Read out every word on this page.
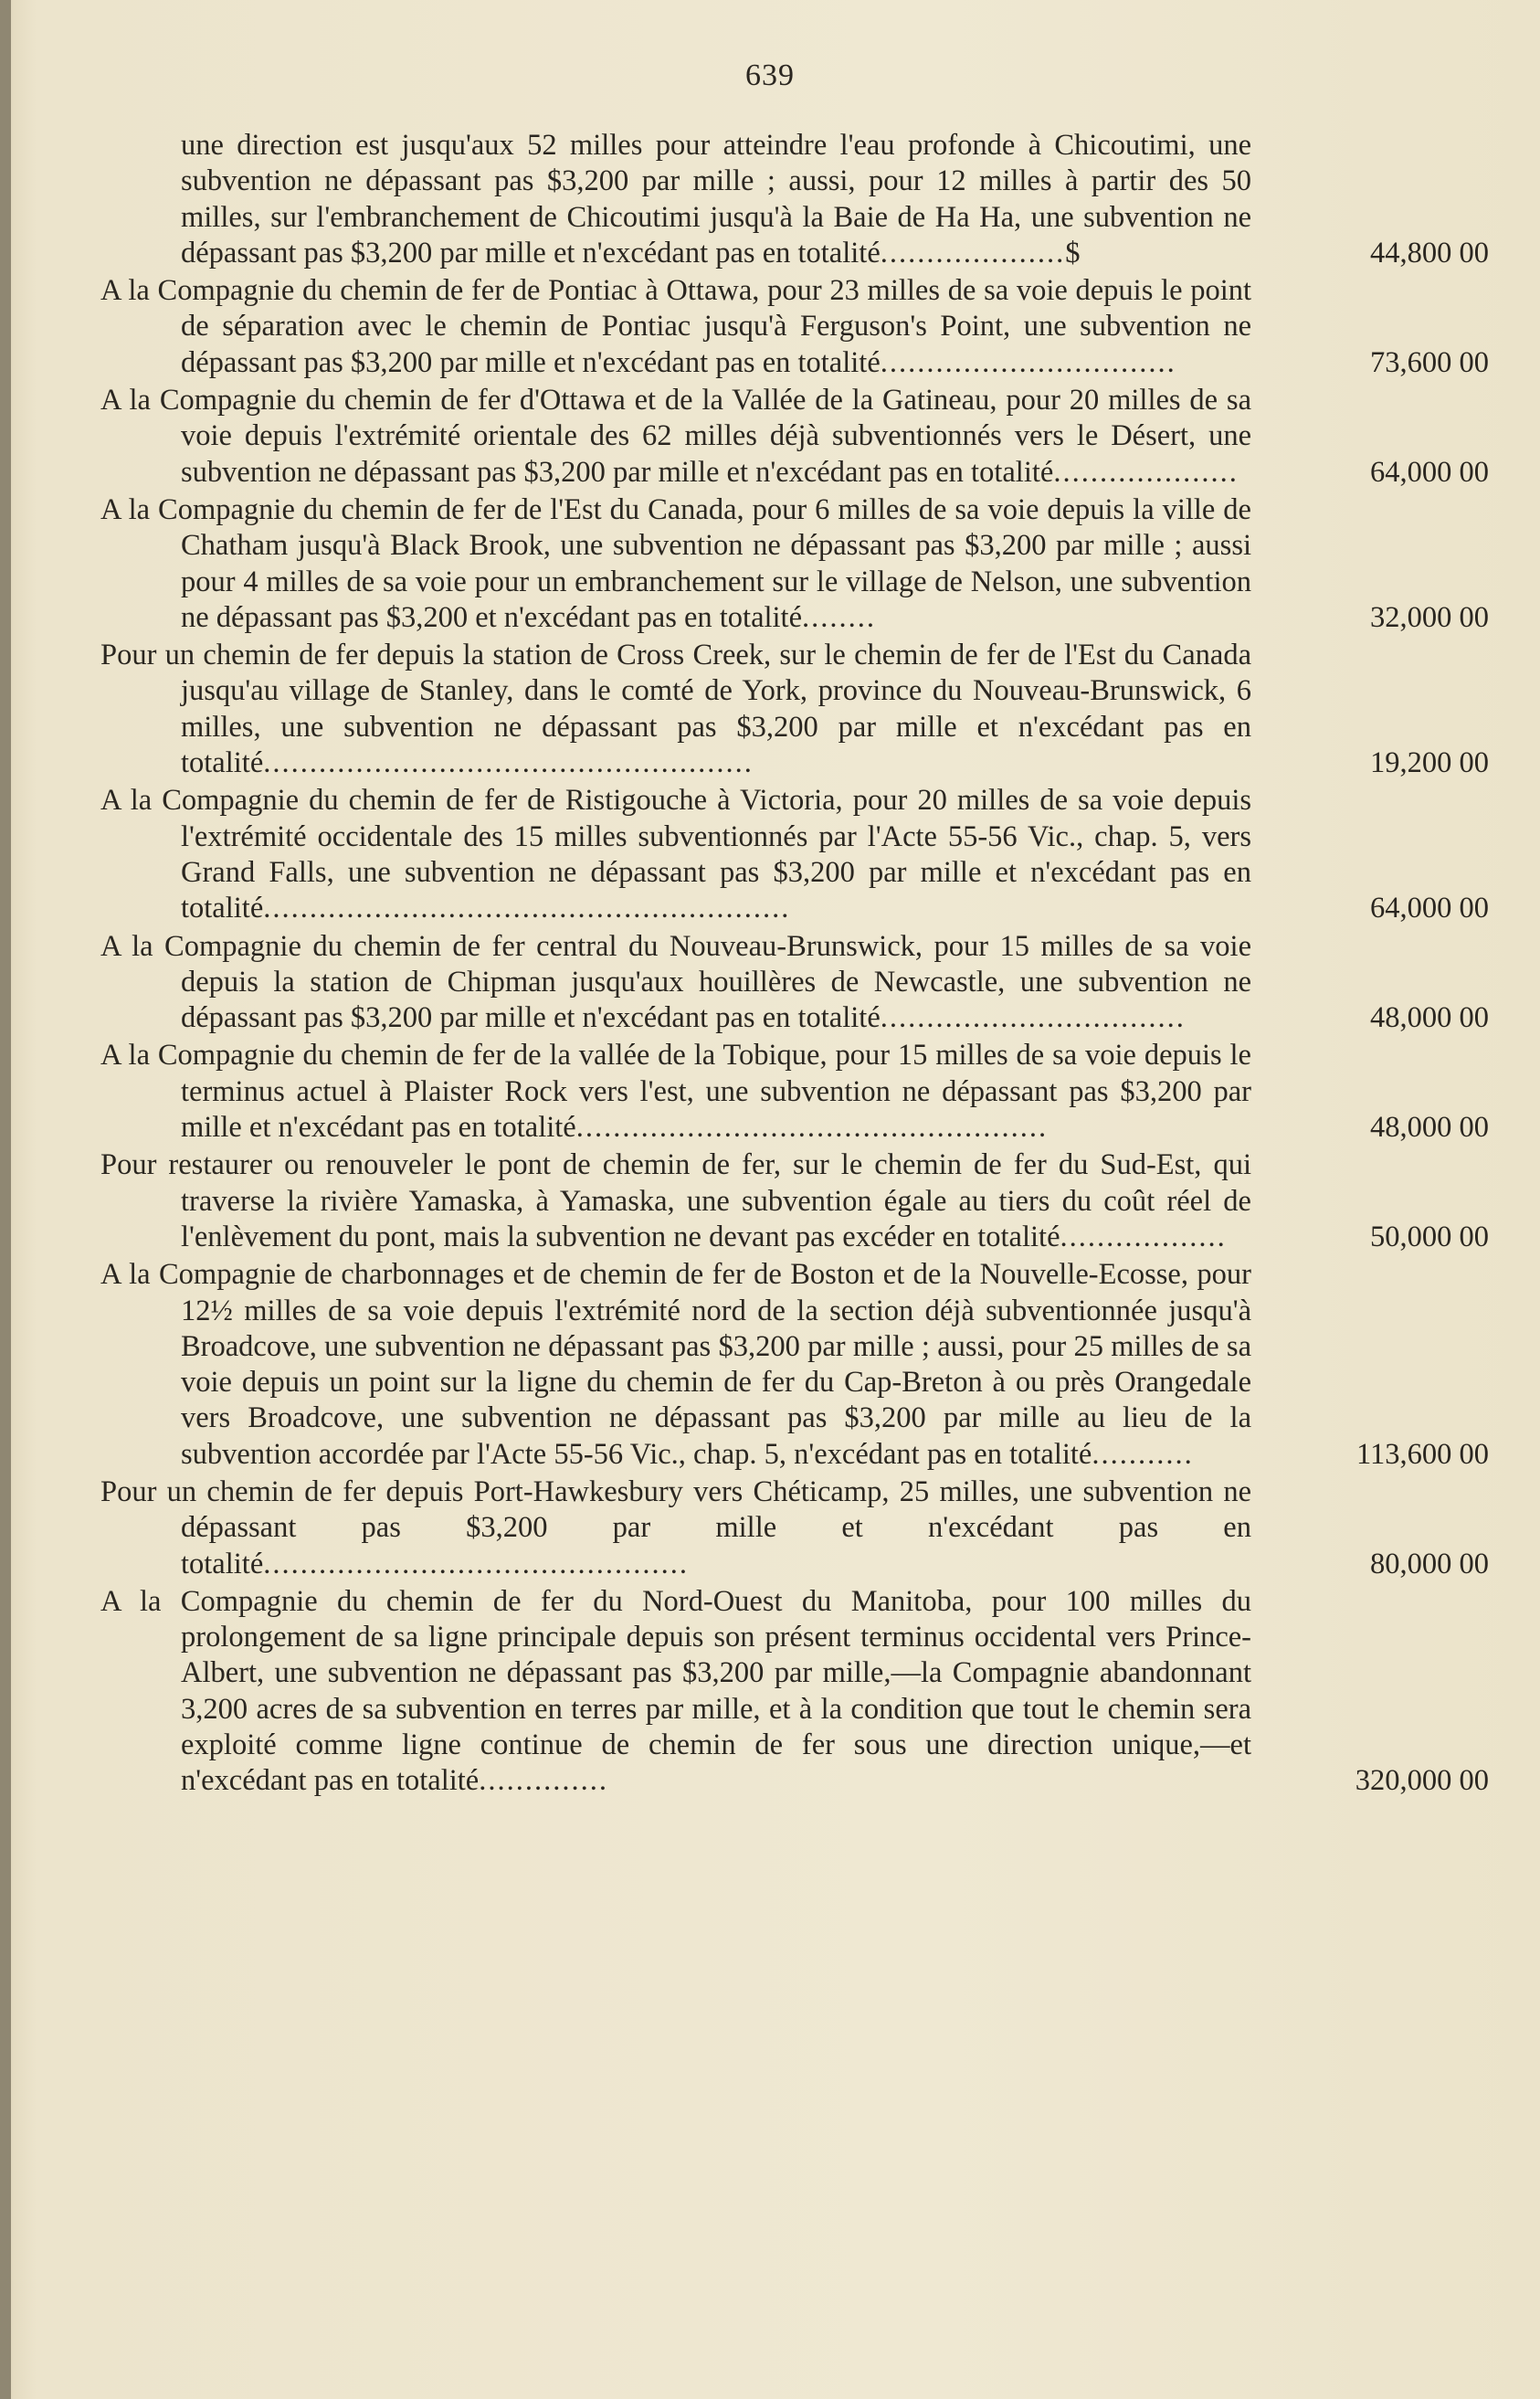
639
une direction est jusqu'aux 52 milles pour atteindre l'eau profonde à Chicoutimi, une subvention ne dépassant pas $3,200 par mille ; aussi, pour 12 milles à partir des 50 milles, sur l'embranchement de Chicoutimi jusqu'à la Baie de Ha Ha, une subvention ne dépassant pas $3,200 par mille et n'excédant pas en totalité....................$	44,800 00
A la Compagnie du chemin de fer de Pontiac à Ottawa, pour 23 milles de sa voie depuis le point de séparation avec le chemin de Pontiac jusqu'à Ferguson's Point, une subvention ne dépassant pas $3,200 par mille et n'excédant pas en totalité................................	73,600 00
A la Compagnie du chemin de fer d'Ottawa et de la Vallée de la Gatineau, pour 20 milles de sa voie depuis l'extrémité orientale des 62 milles déjà subventionnés vers le Désert, une subvention ne dépassant pas $3,200 par mille et n'excédant pas en totalité....................	64,000 00
A la Compagnie du chemin de fer de l'Est du Canada, pour 6 milles de sa voie depuis la ville de Chatham jusqu'à Black Brook, une subvention ne dépassant pas $3,200 par mille ; aussi pour 4 milles de sa voie pour un embranchement sur le village de Nelson, une subvention ne dépassant pas $3,200 et n'excédant pas en totalité........	32,000 00
Pour un chemin de fer depuis la station de Cross Creek, sur le chemin de fer de l'Est du Canada jusqu'au village de Stanley, dans le comté de York, province du Nouveau-Brunswick, 6 milles, une subvention ne dépassant pas $3,200 par mille et n'excédant pas en totalité.....................................................	19,200 00
A la Compagnie du chemin de fer de Ristigouche à Victoria, pour 20 milles de sa voie depuis l'extrémité occidentale des 15 milles subventionnés par l'Acte 55-56 Vic., chap. 5, vers Grand Falls, une subvention ne dépassant pas $3,200 par mille et n'excédant pas en totalité.........................................................	64,000 00
A la Compagnie du chemin de fer central du Nouveau-Brunswick, pour 15 milles de sa voie depuis la station de Chipman jusqu'aux houillères de Newcastle, une subvention ne dépassant pas $3,200 par mille et n'excédant pas en totalité.................................	48,000 00
A la Compagnie du chemin de fer de la vallée de la Tobique, pour 15 milles de sa voie depuis le terminus actuel à Plaister Rock vers l'est, une subvention ne dépassant pas $3,200 par mille et n'excédant pas en totalité...................................................	48,000 00
Pour restaurer ou renouveler le pont de chemin de fer, sur le chemin de fer du Sud-Est, qui traverse la rivière Yamaska, à Yamaska, une subvention égale au tiers du coût réel de l'enlèvement du pont, mais la subvention ne devant pas excéder en totalité..................	50,000 00
A la Compagnie de charbonnages et de chemin de fer de Boston et de la Nouvelle-Ecosse, pour 12½ milles de sa voie depuis l'extrémité nord de la section déjà subventionnée jusqu'à Broadcove, une subvention ne dépassant pas $3,200 par mille ; aussi, pour 25 milles de sa voie depuis un point sur la ligne du chemin de fer du Cap-Breton à ou près Orangedale vers Broadcove, une subvention ne dépassant pas $3,200 par mille au lieu de la subvention accordée par l'Acte 55-56 Vic., chap. 5, n'excédant pas en totalité...........	113,600 00
Pour un chemin de fer depuis Port-Hawkesbury vers Chéticamp, 25 milles, une subvention ne dépassant pas $3,200 par mille et n'excédant pas en totalité..............................................	80,000 00
A la Compagnie du chemin de fer du Nord-Ouest du Manitoba, pour 100 milles du prolongement de sa ligne principale depuis son présent terminus occidental vers Prince-Albert, une subvention ne dépassant pas $3,200 par mille,—la Compagnie abandonnant 3,200 acres de sa subvention en terres par mille, et à la condition que tout le chemin sera exploité comme ligne continue de chemin de fer sous une direction unique,—et n'excédant pas en totalité..............	320,000 00
